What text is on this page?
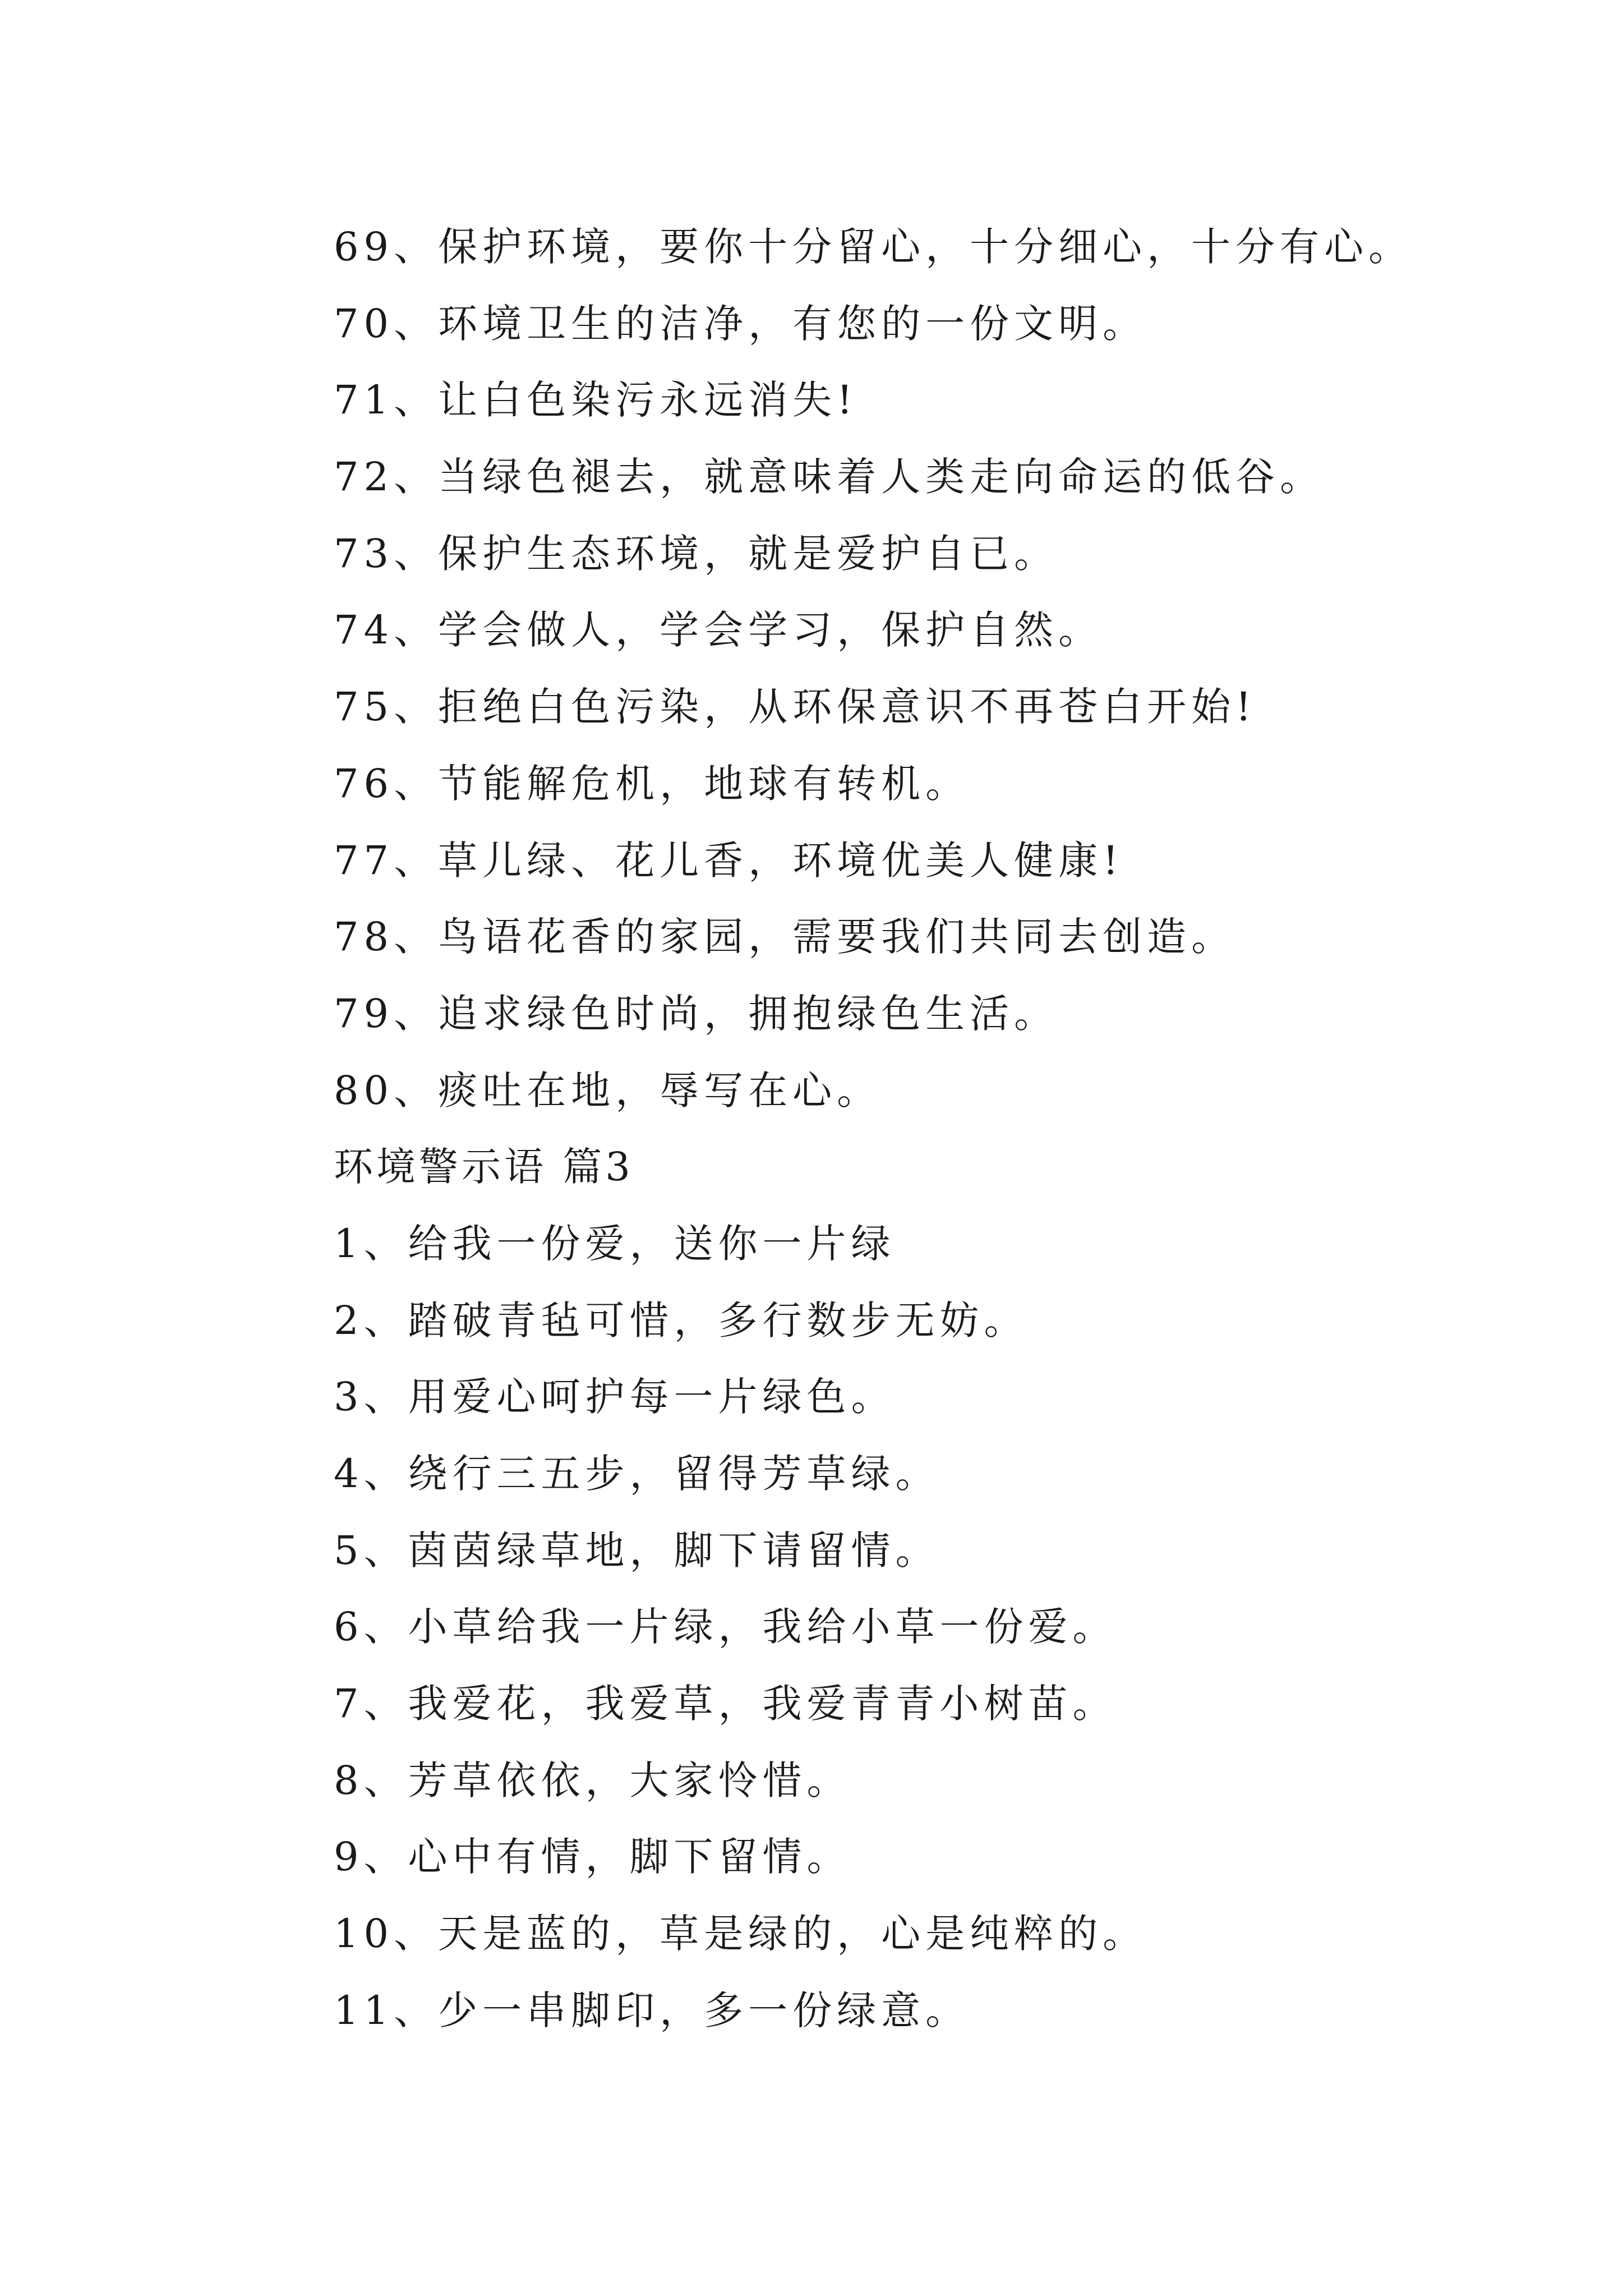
69、保护环境，要你十分留心，十分细心，十分有心。
70、环境卫生的洁净，有您的一份文明。
71、让白色染污永远消失!
72、当绿色褪去，就意味着人类走向命运的低谷。
73、保护生态环境，就是爱护自已。
74、学会做人，学会学习，保护自然。
75、拒绝白色污染，从环保意识不再苍白开始!
76、节能解危机，地球有转机。
77、草儿绿、花儿香，环境优美人健康!
78、鸟语花香的家园，需要我们共同去创造。
79、追求绿色时尚，拥抱绿色生活。
80、痰吐在地，辱写在心。
环境警示语 篇3
1、给我一份爱，送你一片绿
2、踏破青毡可惜，多行数步无妨。
3、用爱心呵护每一片绿色。
4、绕行三五步，留得芳草绿。
5、茵茵绿草地，脚下请留情。
6、小草给我一片绿，我给小草一份爱。
7、我爱花，我爱草，我爱青青小树苗。
8、芳草依依，大家怜惜。
9、心中有情，脚下留情。
10、天是蓝的，草是绿的，心是纯粹的。
11、少一串脚印，多一份绿意。
